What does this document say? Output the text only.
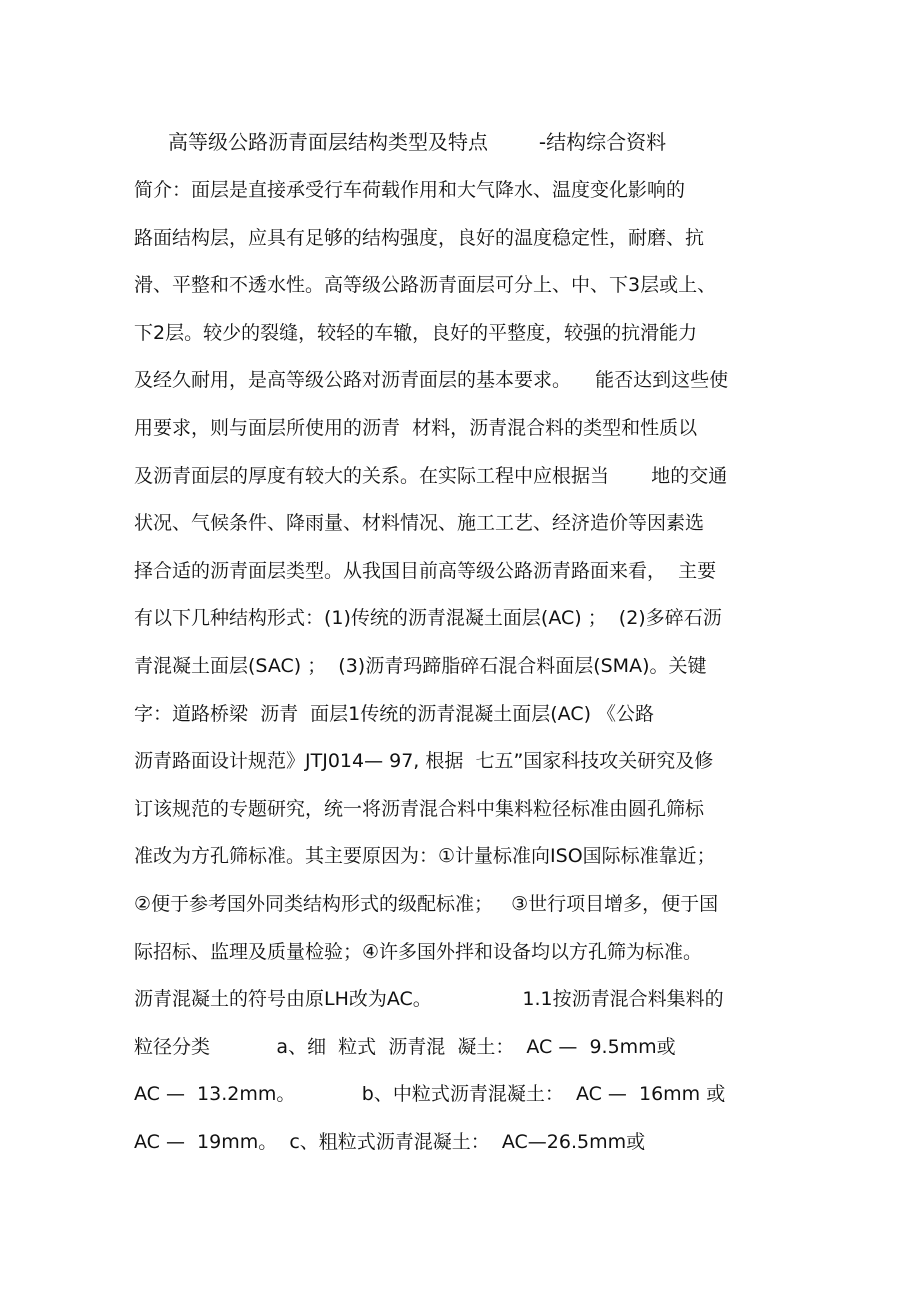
高等级公路沥青面层结构类型及特点        -结构综合资料
简介：面层是直接承受行车荷载作用和大气降水、温度变化影响的
路面结构层，应具有足够的结构强度，良好的温度稳定性，耐磨、抗
滑、平整和不透水性。高等级公路沥青面层可分上、中、下3层或上、
下2层。较少的裂缝，较轻的车辙，良好的平整度，较强的抗滑能力
及经久耐用，是高等级公路对沥青面层的基本要求。    能否达到这些使
用要求，则与面层所使用的沥青  材料，沥青混合料的类型和性质以
及沥青面层的厚度有较大的关系。在实际工程中应根据当       地的交通
状况、气候条件、降雨量、材料情况、施工工艺、经济造价等因素选
择合适的沥青面层类型。从我国目前高等级公路沥青路面来看，  主要
有以下几种结构形式：(1)传统的沥青混凝土面层(AC) ；  (2)多碎石沥
青混凝土面层(SAC) ；  (3)沥青玛蹄脂碎石混合料面层(SMA)。关键
字：道路桥梁  沥青  面层1传统的沥青混凝土面层(AC) 《公路
沥青路面设计规范》JTJ014— 97, 根据  七五”国家科技攻关研究及修
订该规范的专题研究，统一将沥青混合料中集料粒径标准由圆孔筛标
准改为方孔筛标准。其主要原因为：①计量标准向ISO国际标准靠近；
②便于参考国外同类结构形式的级配标准；   ③世行项目增多，便于国
际招标、监理及质量检验；④许多国外拌和设备均以方孔筛为标准。
沥青混凝土的符号由原LH改为AC。               1.1按沥青混合料集料的
粒径分类           a、细  粒式  沥青混  凝土：  AC —  9.5mm或
AC —  13.2mm。           b、中粒式沥青混凝土：  AC —  16mm 或
AC —  19mm。  c、粗粒式沥青混凝土：  AC—26.5mm或
